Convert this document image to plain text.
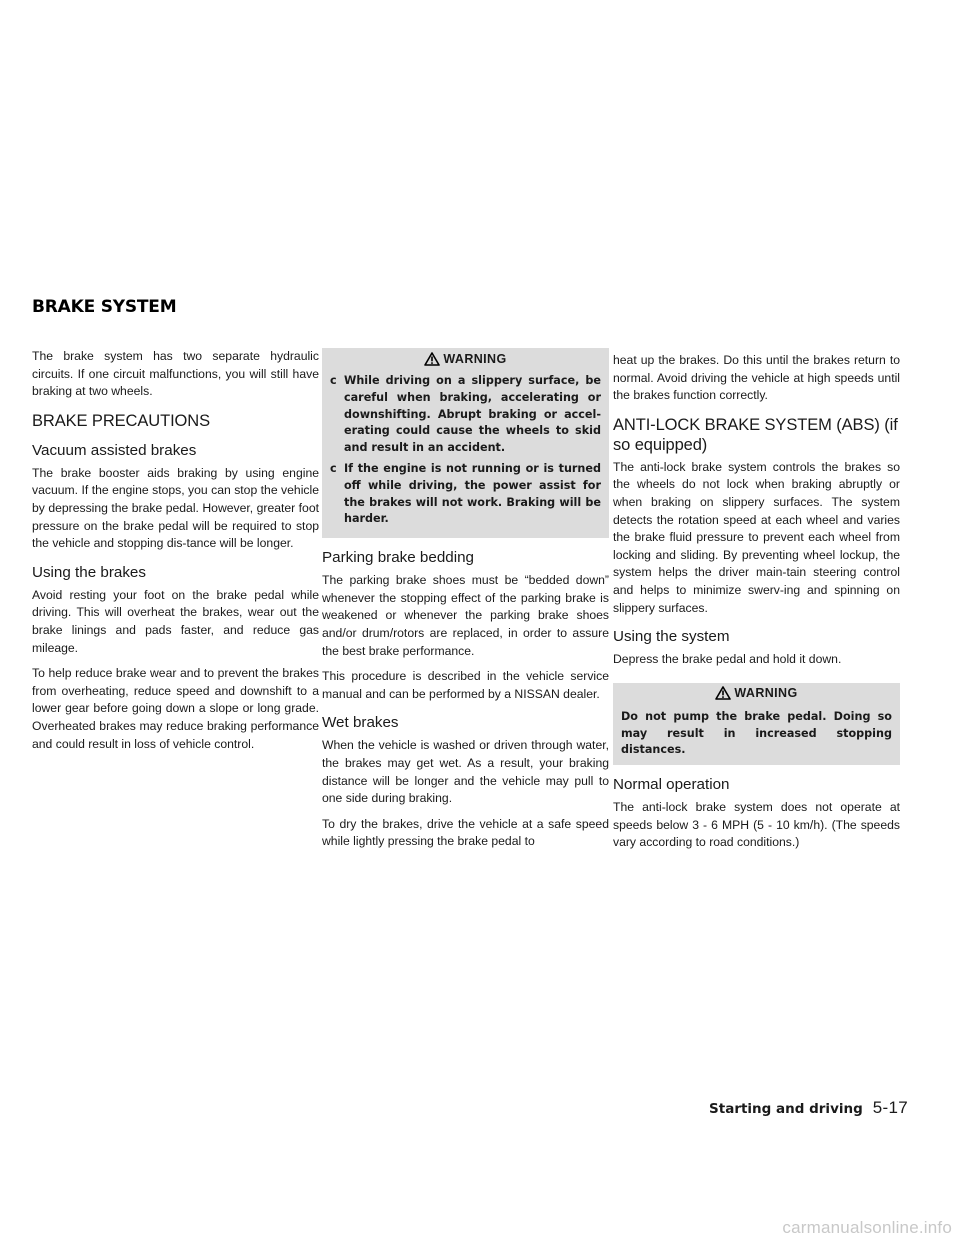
BRAKE SYSTEM

The brake system has two separate hydraulic circuits. If one circuit malfunctions, you will still have braking at two wheels.

BRAKE PRECAUTIONS
Vacuum assisted brakes

The brake booster aids braking by using engine vacuum. If the engine stops, you can stop the vehicle by depressing the brake pedal. However, greater foot pressure on the brake pedal will be required to stop the vehicle and stopping dis-tance will be longer.

Using the brakes

Avoid resting your foot on the brake pedal while driving. This will overheat the brakes, wear out the brake linings and pads faster, and reduce gas mileage.

To help reduce brake wear and to prevent the brakes from overheating, reduce speed and downshift to a lower gear before going down a slope or long grade. Overheated brakes may reduce braking performance and could result in loss of vehicle control.

WARNING
c While driving on a slippery surface, be careful when braking, accelerating or downshifting. Abrupt braking or accel-erating could cause the wheels to skid and result in an accident.
c If the engine is not running or is turned off while driving, the power assist for the brakes will not work. Braking will be harder.
Parking brake bedding

The parking brake shoes must be “bedded down” whenever the stopping effect of the parking brake is weakened or whenever the parking brake shoes and/or drum/rotors are replaced, in order to assure the best brake performance.

This procedure is described in the vehicle service manual and can be performed by a NISSAN dealer.

Wet brakes

When the vehicle is washed or driven through water, the brakes may get wet. As a result, your braking distance will be longer and the vehicle may pull to one side during braking.

To dry the brakes, drive the vehicle at a safe speed while lightly pressing the brake pedal to

heat up the brakes. Do this until the brakes return to normal. Avoid driving the vehicle at high speeds until the brakes function correctly.

ANTI-LOCK BRAKE SYSTEM (ABS) (if so equipped)

The anti-lock brake system controls the brakes so the wheels do not lock when braking abruptly or when braking on slippery surfaces. The system detects the rotation speed at each wheel and varies the brake fluid pressure to prevent each wheel from locking and sliding. By preventing wheel lockup, the system helps the driver main-tain steering control and helps to minimize swerv-ing and spinning on slippery surfaces.

Using the system

Depress the brake pedal and hold it down.

WARNING

Do not pump the brake pedal. Doing so may result in increased stopping distances.

Normal operation

The anti-lock brake system does not operate at speeds below 3 - 6 MPH (5 - 10 km/h). (The speeds vary according to road conditions.)

Starting and driving 5-17
carmanualsonline.info
